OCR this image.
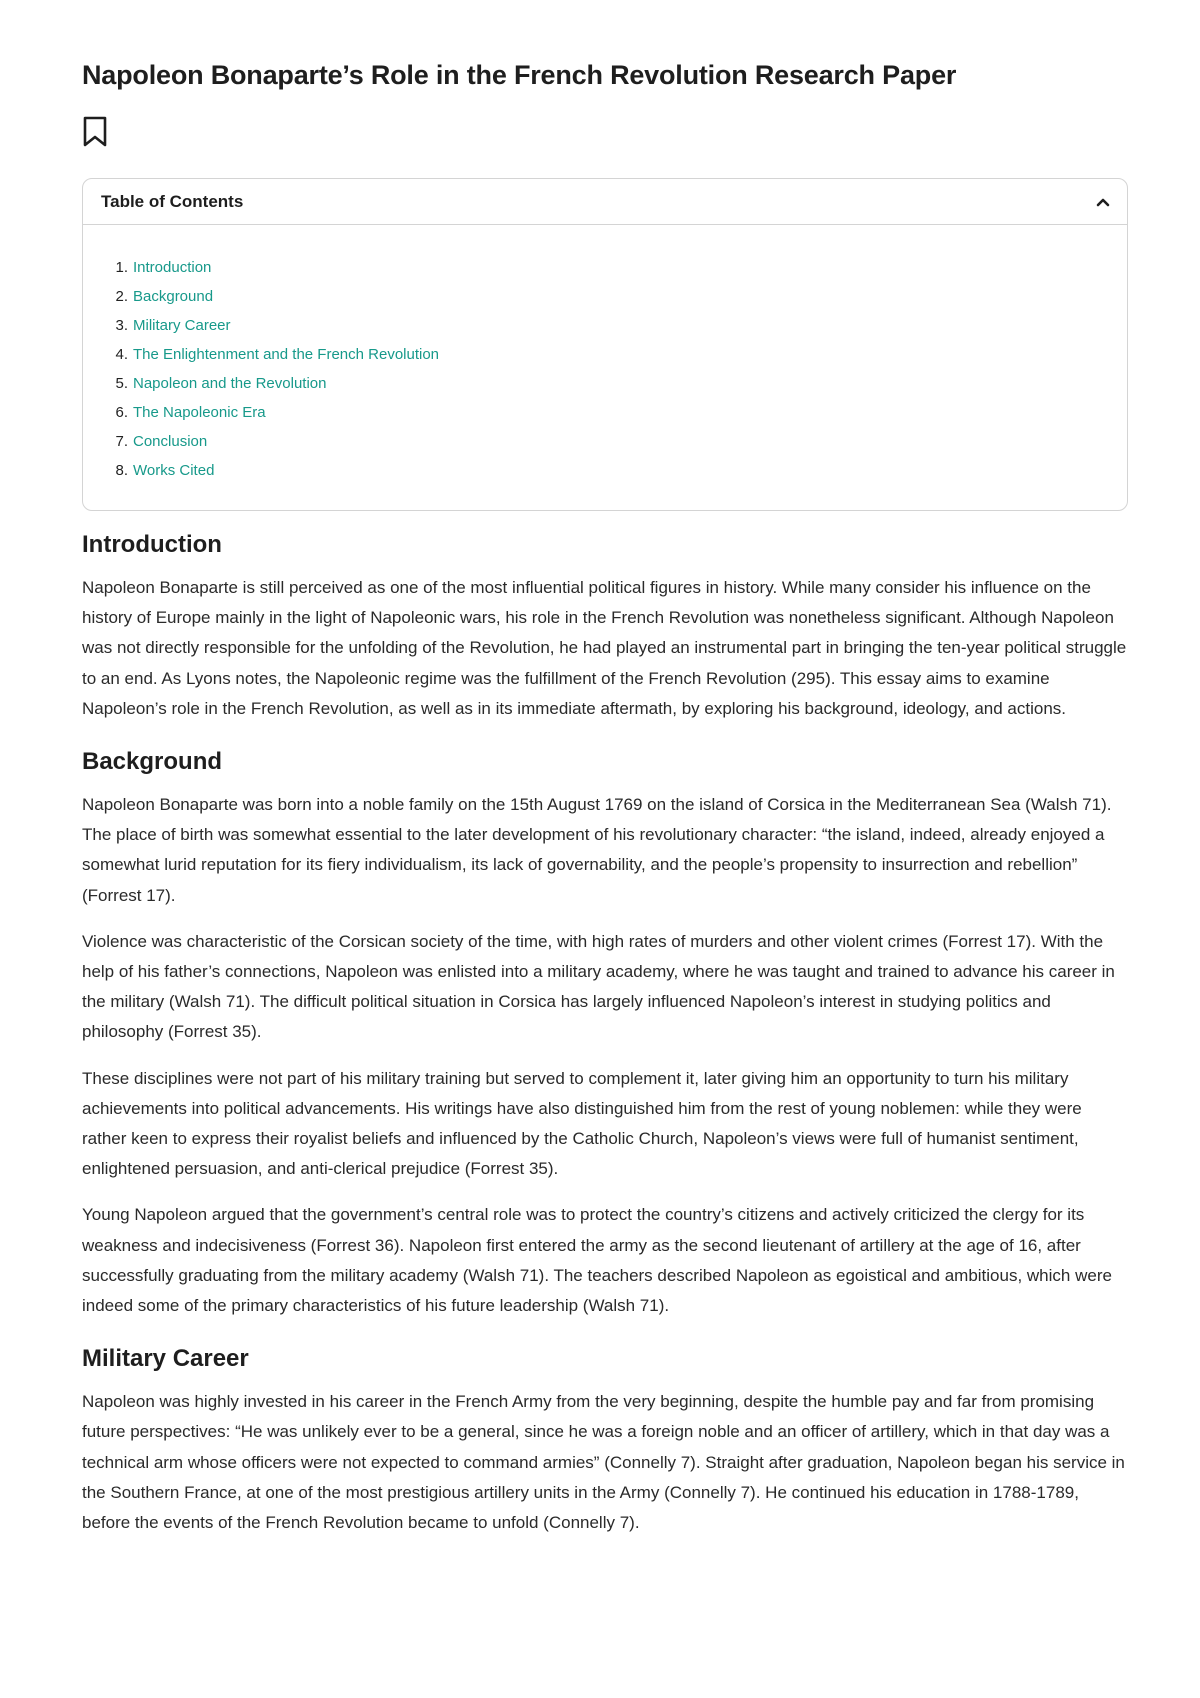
Napoleon Bonaparte’s Role in the French Revolution Research Paper
Table of Contents
1. Introduction
2. Background
3. Military Career
4. The Enlightenment and the French Revolution
5. Napoleon and the Revolution
6. The Napoleonic Era
7. Conclusion
8. Works Cited
Introduction

Napoleon Bonaparte is still perceived as one of the most influential political figures in history. While many consider his influence on the history of Europe mainly in the light of Napoleonic wars, his role in the French Revolution was nonetheless significant. Although Napoleon was not directly responsible for the unfolding of the Revolution, he had played an instrumental part in bringing the ten-year political struggle to an end. As Lyons notes, the Napoleonic regime was the fulfillment of the French Revolution (295). This essay aims to examine Napoleon’s role in the French Revolution, as well as in its immediate aftermath, by exploring his background, ideology, and actions.

Background

Napoleon Bonaparte was born into a noble family on the 15th August 1769 on the island of Corsica in the Mediterranean Sea (Walsh 71). The place of birth was somewhat essential to the later development of his revolutionary character: “the island, indeed, already enjoyed a somewhat lurid reputation for its fiery individualism, its lack of governability, and the people’s propensity to insurrection and rebellion” (Forrest 17).

Violence was characteristic of the Corsican society of the time, with high rates of murders and other violent crimes (Forrest 17). With the help of his father’s connections, Napoleon was enlisted into a military academy, where he was taught and trained to advance his career in the military (Walsh 71). The difficult political situation in Corsica has largely influenced Napoleon’s interest in studying politics and philosophy (Forrest 35).

These disciplines were not part of his military training but served to complement it, later giving him an opportunity to turn his military achievements into political advancements. His writings have also distinguished him from the rest of young noblemen: while they were rather keen to express their royalist beliefs and influenced by the Catholic Church, Napoleon’s views were full of humanist sentiment, enlightened persuasion, and anti-clerical prejudice (Forrest 35).

Young Napoleon argued that the government’s central role was to protect the country’s citizens and actively criticized the clergy for its weakness and indecisiveness (Forrest 36). Napoleon first entered the army as the second lieutenant of artillery at the age of 16, after successfully graduating from the military academy (Walsh 71). The teachers described Napoleon as egoistical and ambitious, which were indeed some of the primary characteristics of his future leadership (Walsh 71).

Military Career

Napoleon was highly invested in his career in the French Army from the very beginning, despite the humble pay and far from promising future perspectives: “He was unlikely ever to be a general, since he was a foreign noble and an officer of artillery, which in that day was a technical arm whose officers were not expected to command armies” (Connelly 7). Straight after graduation, Napoleon began his service in the Southern France, at one of the most prestigious artillery units in the Army (Connelly 7). He continued his education in 1788-1789, before the events of the French Revolution became to unfold (Connelly 7).
